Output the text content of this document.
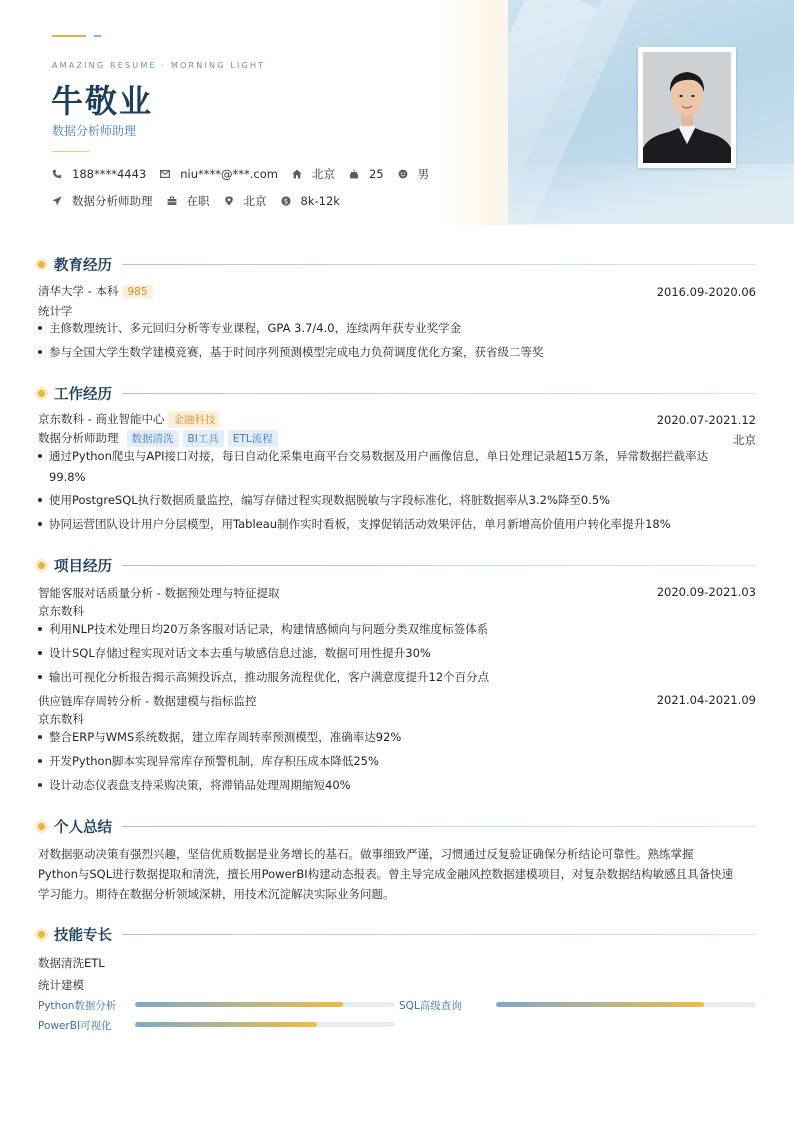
AMAZING RESUME · MORNING LIGHT
牛敬业
数据分析师助理
188****4443	niu****@***.com	北京	25	男
数据分析师助理	在职	北京 $ 8k-12k
教育经历
清华大学 - 本科 985	2016.09-2020.06
统计学
主修数理统计、多元回归分析等专业课程，GPA 3.7/4.0，连续两年获专业奖学金
参与全国大学生数学建模竞赛，基于时间序列预测模型完成电力负荷调度优化方案，获省级二等奖
工作经历
京东数科 - 商业智能中心 金融科技	2020.07-2021.12
数据分析师助理 数据清洗 BI工具 ETL流程	北京
通过Python爬虫与API接口对接，每日自动化采集电商平台交易数据及用户画像信息，单日处理记录超15万条，异常数据拦截率达
99.8%
使用PostgreSQL执行数据质量监控，编写存储过程实现数据脱敏与字段标准化，将脏数据率从3.2%降至0.5%
协同运营团队设计用户分层模型，用Tableau制作实时看板，支撑促销活动效果评估，单月新增高价值用户转化率提升18%
项目经历
智能客服对话质量分析 - 数据预处理与特征提取	2020.09-2021.03
京东数科
利用NLP技术处理日均20万条客服对话记录，构建情感倾向与问题分类双维度标签体系
设计SQL存储过程实现对话文本去重与敏感信息过滤，数据可用性提升30%
输出可视化分析报告揭示高频投诉点，推动服务流程优化，客户满意度提升12个百分点
供应链库存周转分析 - 数据建模与指标监控	2021.04-2021.09
京东数科
整合ERP与WMS系统数据，建立库存周转率预测模型，准确率达92%
开发Python脚本实现异常库存预警机制，库存积压成本降低25%
设计动态仪表盘支持采购决策，将滞销品处理周期缩短40%
个人总结
对数据驱动决策有强烈兴趣，坚信优质数据是业务增长的基石。做事细致严谨，习惯通过反复验证确保分析结论可靠性。熟练掌握
Python与SQL进行数据提取和清洗，擅长用PowerBI构建动态报表。曾主导完成金融风控数据建模项目，对复杂数据结构敏感且具备快速
学习能力。期待在数据分析领域深耕，用技术沉淀解决实际业务问题。
技能专长
数据清洗ETL
统计建模
Python数据分析	SQL高级查询
PowerBI可视化
